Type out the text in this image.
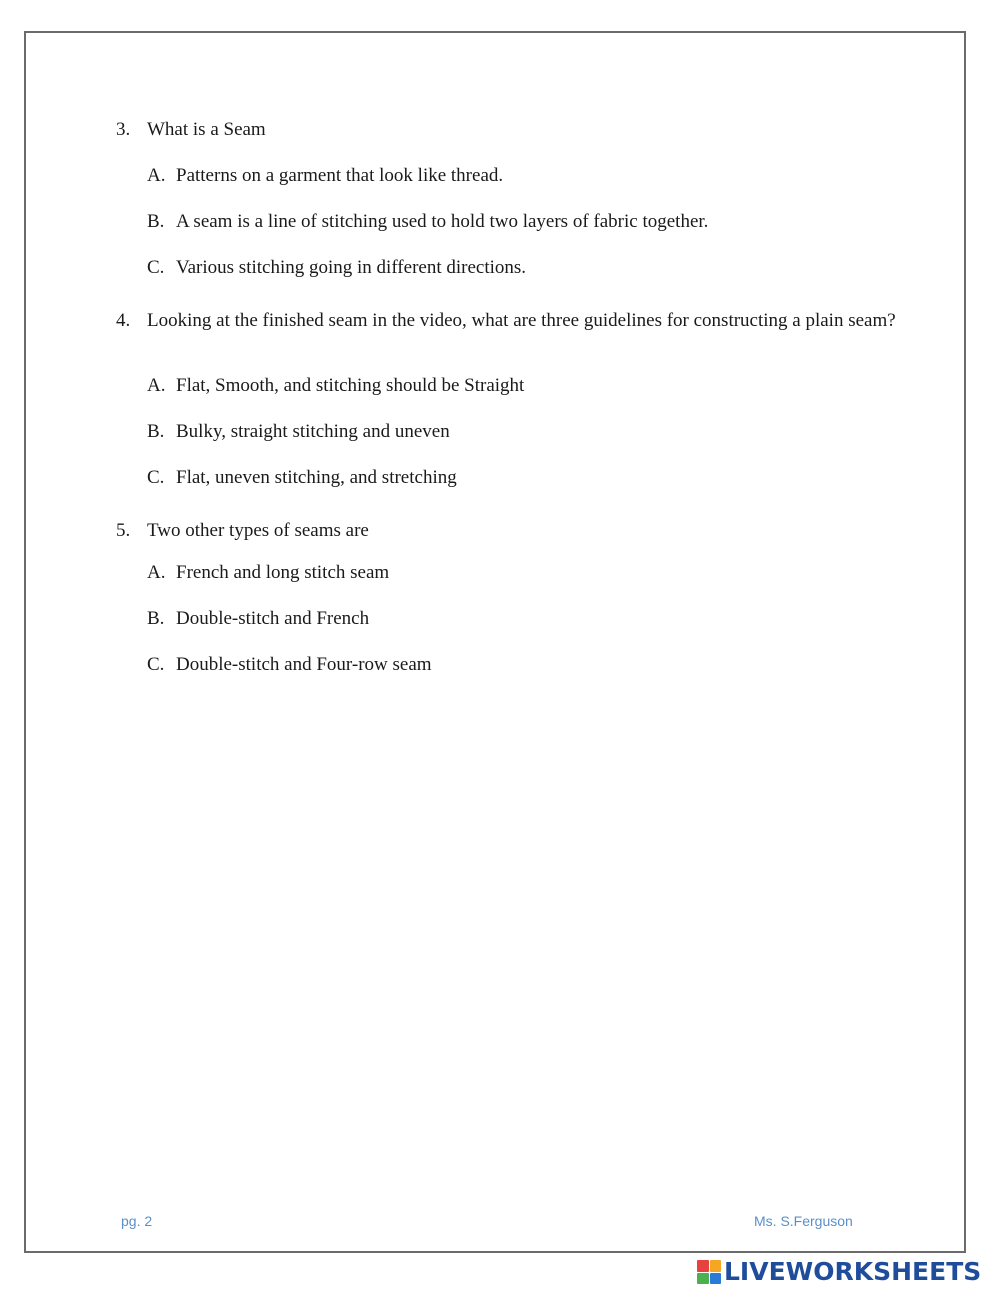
3. What is a Seam
A. Patterns on a garment that look like thread.
B. A seam is a line of stitching used to hold two layers of fabric together.
C. Various stitching going in different directions.
4. Looking at the finished seam in the video, what are three guidelines for constructing a plain seam?
A. Flat, Smooth, and stitching should be Straight
B. Bulky, straight stitching and uneven
C. Flat, uneven stitching, and stretching
5. Two other types of seams are
A. French and long stitch seam
B. Double-stitch and French
C. Double-stitch and Four-row seam
pg. 2	Ms. S.Ferguson
LIVEWORKSHEETS
